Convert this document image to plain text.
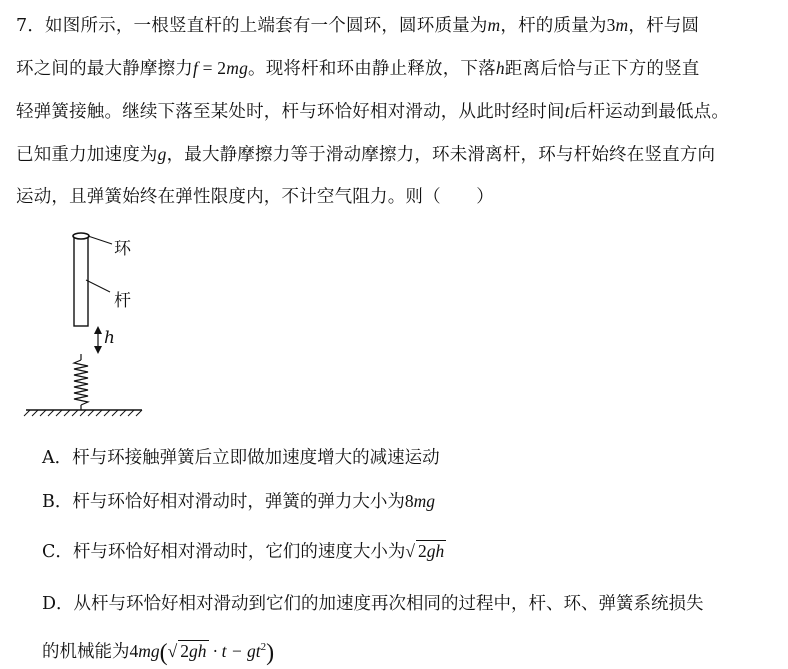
7．如图所示，一根竖直杆的上端套有一个圆环，圆环质量为m，杆的质量为3m，杆与圆
环之间的最大静摩擦力f = 2mg。现将杆和环由静止释放，下落h距离后恰与正下方的竖直
轻弹簧接触。继续下落至某处时，杆与环恰好相对滑动，从此时经时间t后杆运动到最低点。
已知重力加速度为g，最大静摩擦力等于滑动摩擦力，环未滑离杆，环与杆始终在竖直方向
运动，且弹簧始终在弹性限度内，不计空气阻力。则（　　）
环
杆
h
A．杆与环接触弹簧后立即做加速度增大的减速运动
B．杆与环恰好相对滑动时，弹簧的弹力大小为8mg
C．杆与环恰好相对滑动时，它们的速度大小为√ 2gh
D．从杆与环恰好相对滑动到它们的加速度再次相同的过程中，杆、环、弹簧系统损失
的机械能为4mg(√ $2gh \cdot t - gt^2$)
